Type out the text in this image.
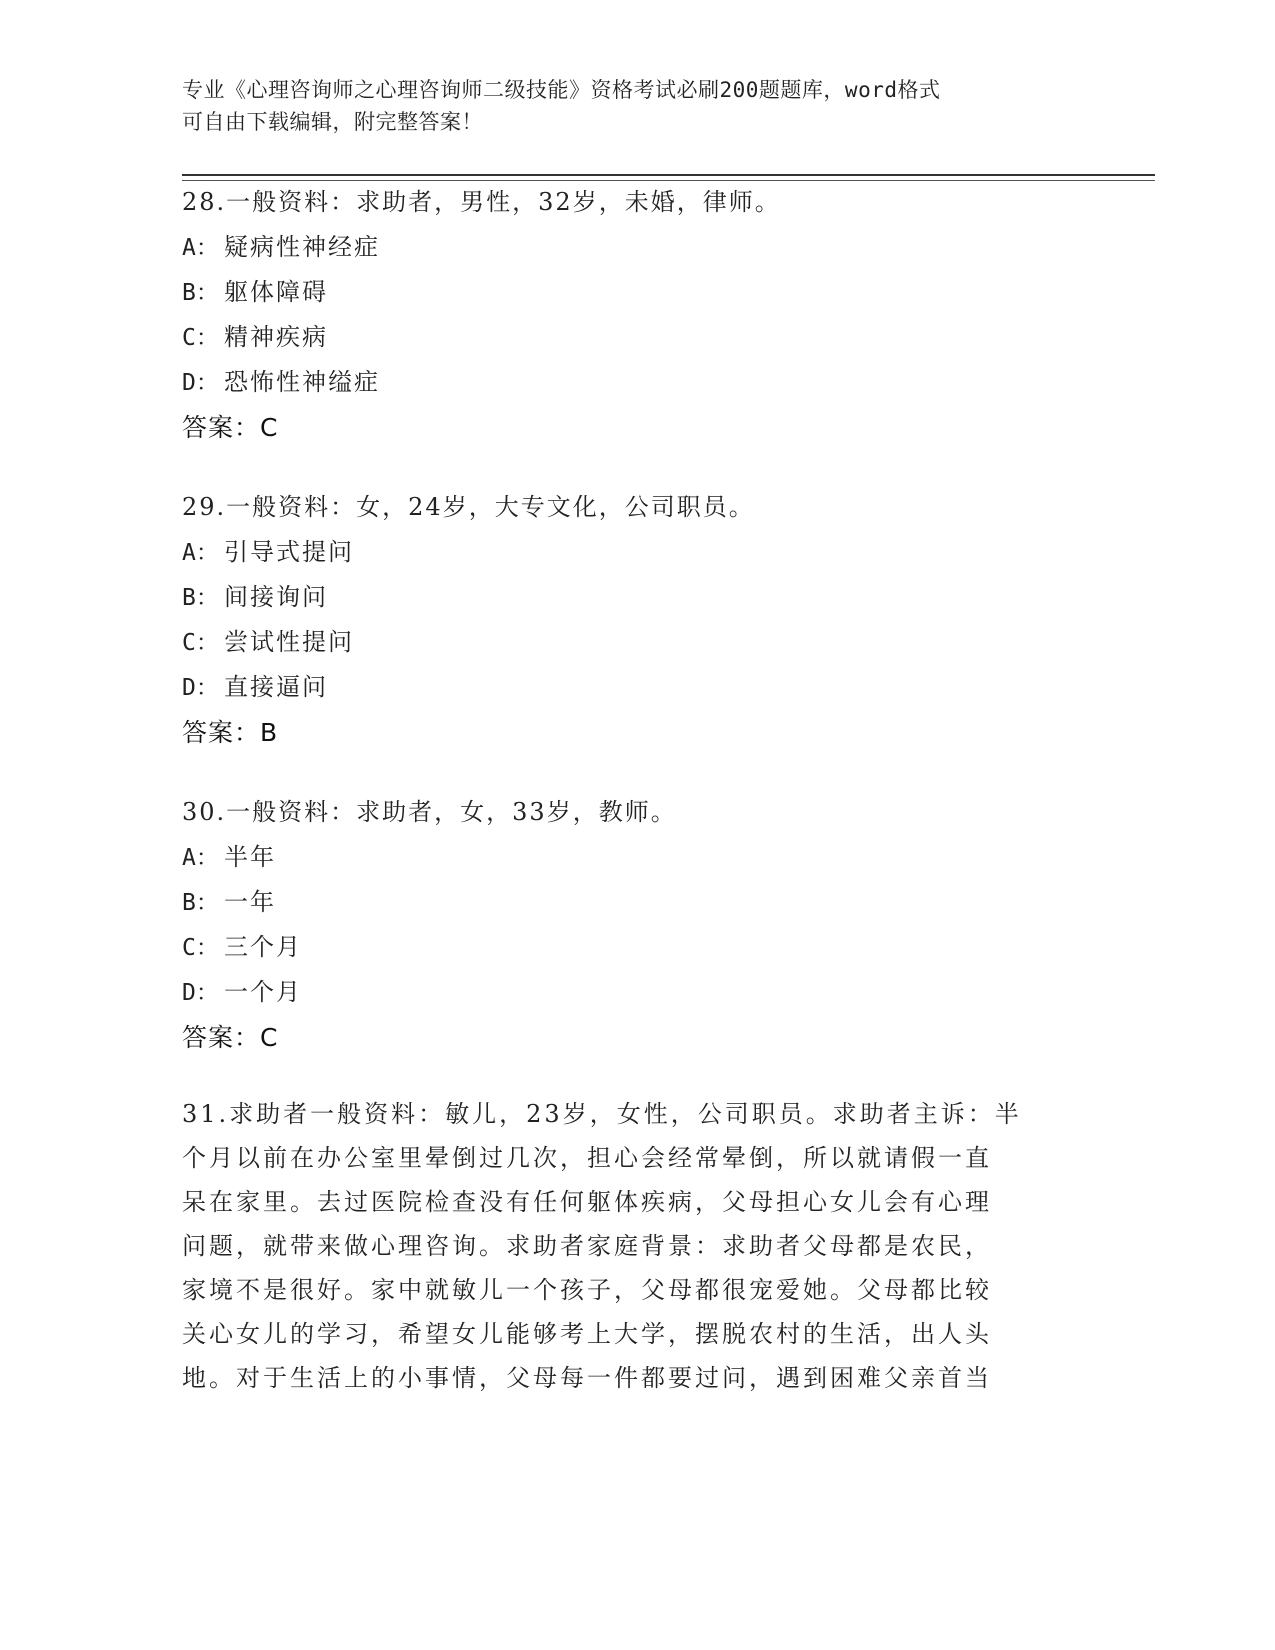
专业《心理咨询师之心理咨询师二级技能》资格考试必刷200题题库，word格式
可自由下载编辑，附完整答案！
28.一般资料：求助者，男性，32岁，未婚，律师。
A： 疑病性神经症
B： 躯体障碍
C： 精神疾病
D： 恐怖性神缢症
答案：C
29.一般资料：女，24岁，大专文化，公司职员。
A： 引导式提问
B： 间接询问
C： 尝试性提问
D： 直接逼问
答案：B
30.一般资料：求助者，女，33岁，教师。
A： 半年
B： 一年
C： 三个月
D： 一个月
答案：C
31.求助者一般资料：敏儿，23岁，女性，公司职员。求助者主诉：半
个月以前在办公室里晕倒过几次，担心会经常晕倒，所以就请假一直
呆在家里。去过医院检查没有任何躯体疾病，父母担心女儿会有心理
问题，就带来做心理咨询。求助者家庭背景：求助者父母都是农民，
家境不是很好。家中就敏儿一个孩子，父母都很宠爱她。父母都比较
关心女儿的学习，希望女儿能够考上大学，摆脱农村的生活，出人头
地。对于生活上的小事情，父母每一件都要过问，遇到困难父亲首当
